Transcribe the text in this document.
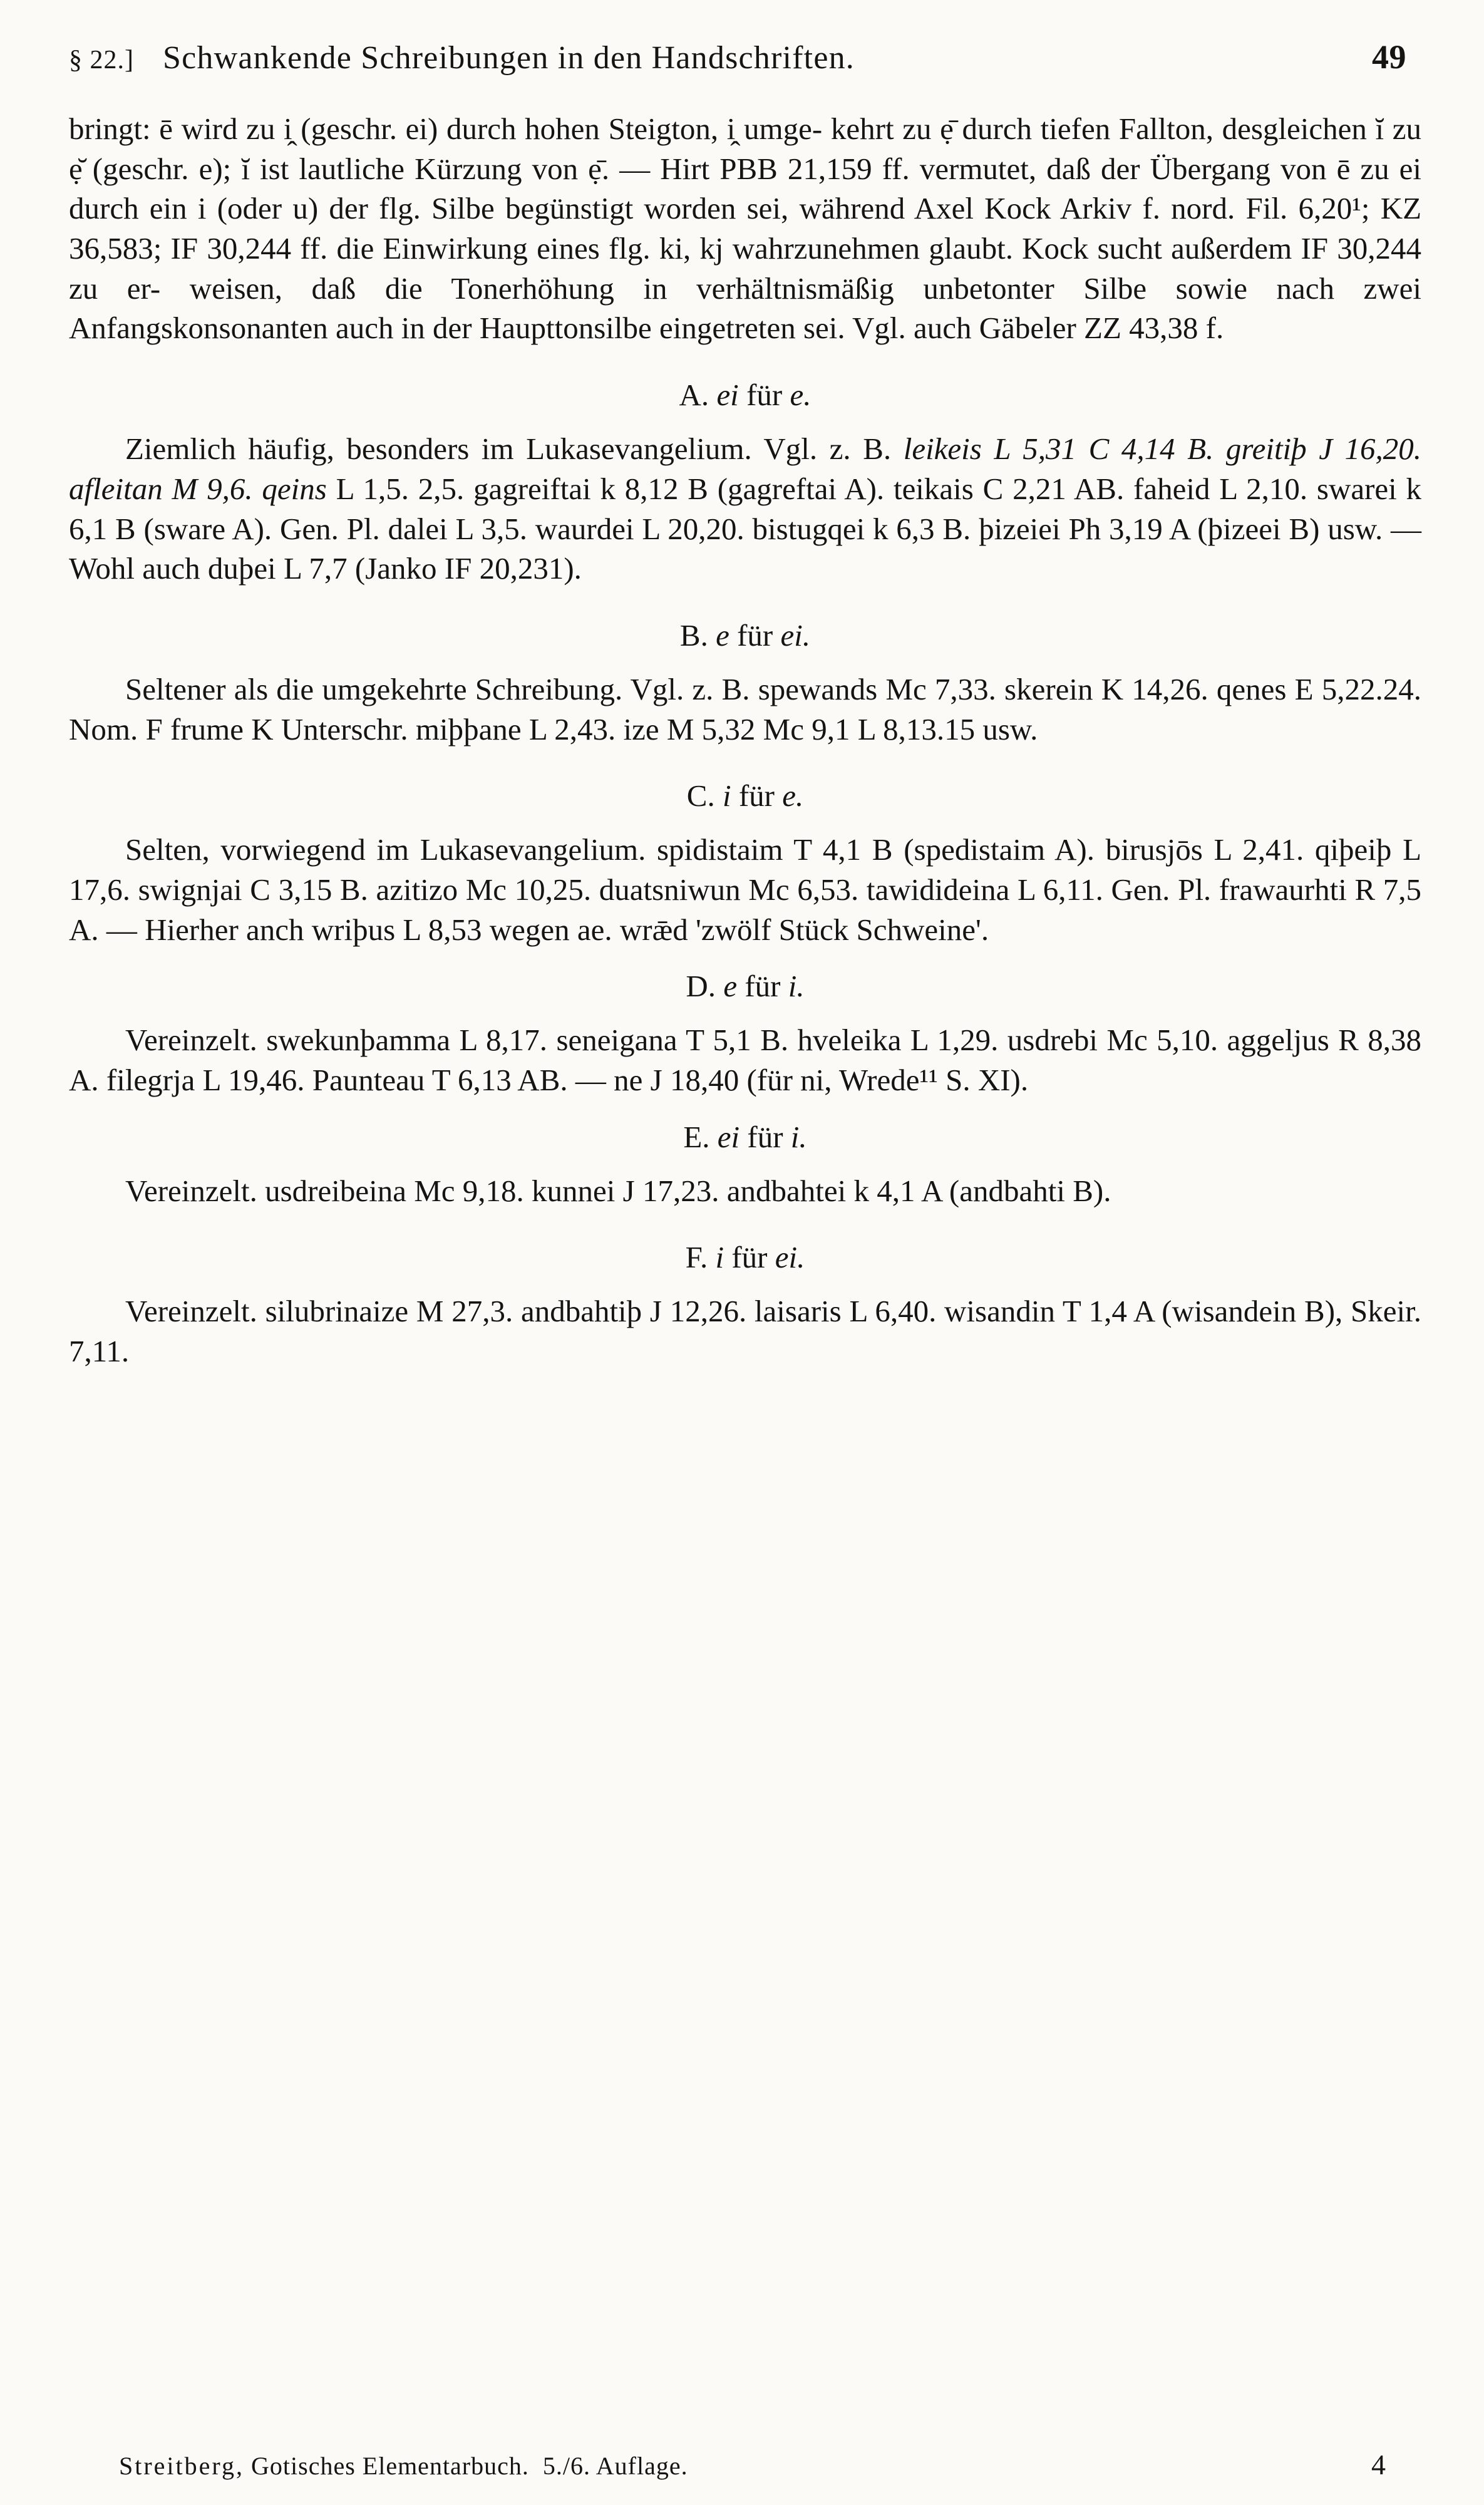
§ 22.] Schwankende Schreibungen in den Handschriften.	49
bringt: ē wird zu i̭ (geschr. ei) durch hohen Steigton, i̭ umge- kehrt zu ẹ̄ durch tiefen Fallton, desgleichen ĭ zu ẹ̆ (geschr. e); ĭ ist lautliche Kürzung von ẹ̄. — Hirt PBB 21,159 ff. vermutet, daß der Übergang von ē zu ei durch ein i (oder u) der flg. Silbe begünstigt worden sei, während Axel Kock Arkiv f. nord. Fil. 6,20¹; KZ 36,583; IF 30,244 ff. die Einwirkung eines flg. ki, kj wahrzunehmen glaubt. Kock sucht außerdem IF 30,244 zu er- weisen, daß die Tonerhöhung in verhältnismäßig unbetonter Silbe sowie nach zwei Anfangskonsonanten auch in der Haupttonsilbe eingetreten sei. Vgl. auch Gäbeler ZZ 43,38 f.
A. ei für e.
Ziemlich häufig, besonders im Lukasevangelium. Vgl. z. B. leikeis L 5,31 C 4,14 B. greitiþ J 16,20. afleitan M 9,6. qeins L 1,5. 2,5. gagreiftai k 8,12 B (gagreftai A). teikais C 2,21 AB. faheid L 2,10. swarei k 6,1 B (sware A). Gen. Pl. dalei L 3,5. waurdei L 20,20. bistugqei k 6,3 B. þizeiei Ph 3,19 A (þizeei B) usw. — Wohl auch duþei L 7,7 (Janko IF 20,231).
B. e für ei.
Seltener als die umgekehrte Schreibung. Vgl. z. B. spewands Mc 7,33. skerein K 14,26. qenes E 5,22.24. Nom. F frume K Unterschr. miþþane L 2,43. ize M 5,32 Mc 9,1 L 8,13.15 usw.
C. i für e.
Selten, vorwiegend im Lukasevangelium. spidistaim T 4,1 B (spedistaim A). birusjōs L 2,41. qiþeiþ L 17,6. swignjai C 3,15 B. azitizo Mc 10,25. duatsniwun Mc 6,53. tawidideina L 6,11. Gen. Pl. frawaurhti R 7,5 A. — Hierher anch wriþus L 8,53 wegen ae. wrǣd 'zwölf Stück Schweine'.
D. e für i.
Vereinzelt. swekunþamma L 8,17. seneigana T 5,1 B. hveleika L 1,29. usdrebi Mc 5,10. aggeljus R 8,38 A. filegrja L 19,46. Paunteau T 6,13 AB. — ne J 18,40 (für ni, Wrede¹¹ S. XI).
E. ei für i.
Vereinzelt. usdreibeina Mc 9,18. kunnei J 17,23. andbahtei k 4,1 A (andbahti B).
F. i für ei.
Vereinzelt. silubrinaize M 27,3. andbahtiþ J 12,26. laisaris L 6,40. wisandin T 1,4 A (wisandein B), Skeir. 7,11.
Streitberg,
Gotisches Elementarbuch.
5./6. Auflage.	4
